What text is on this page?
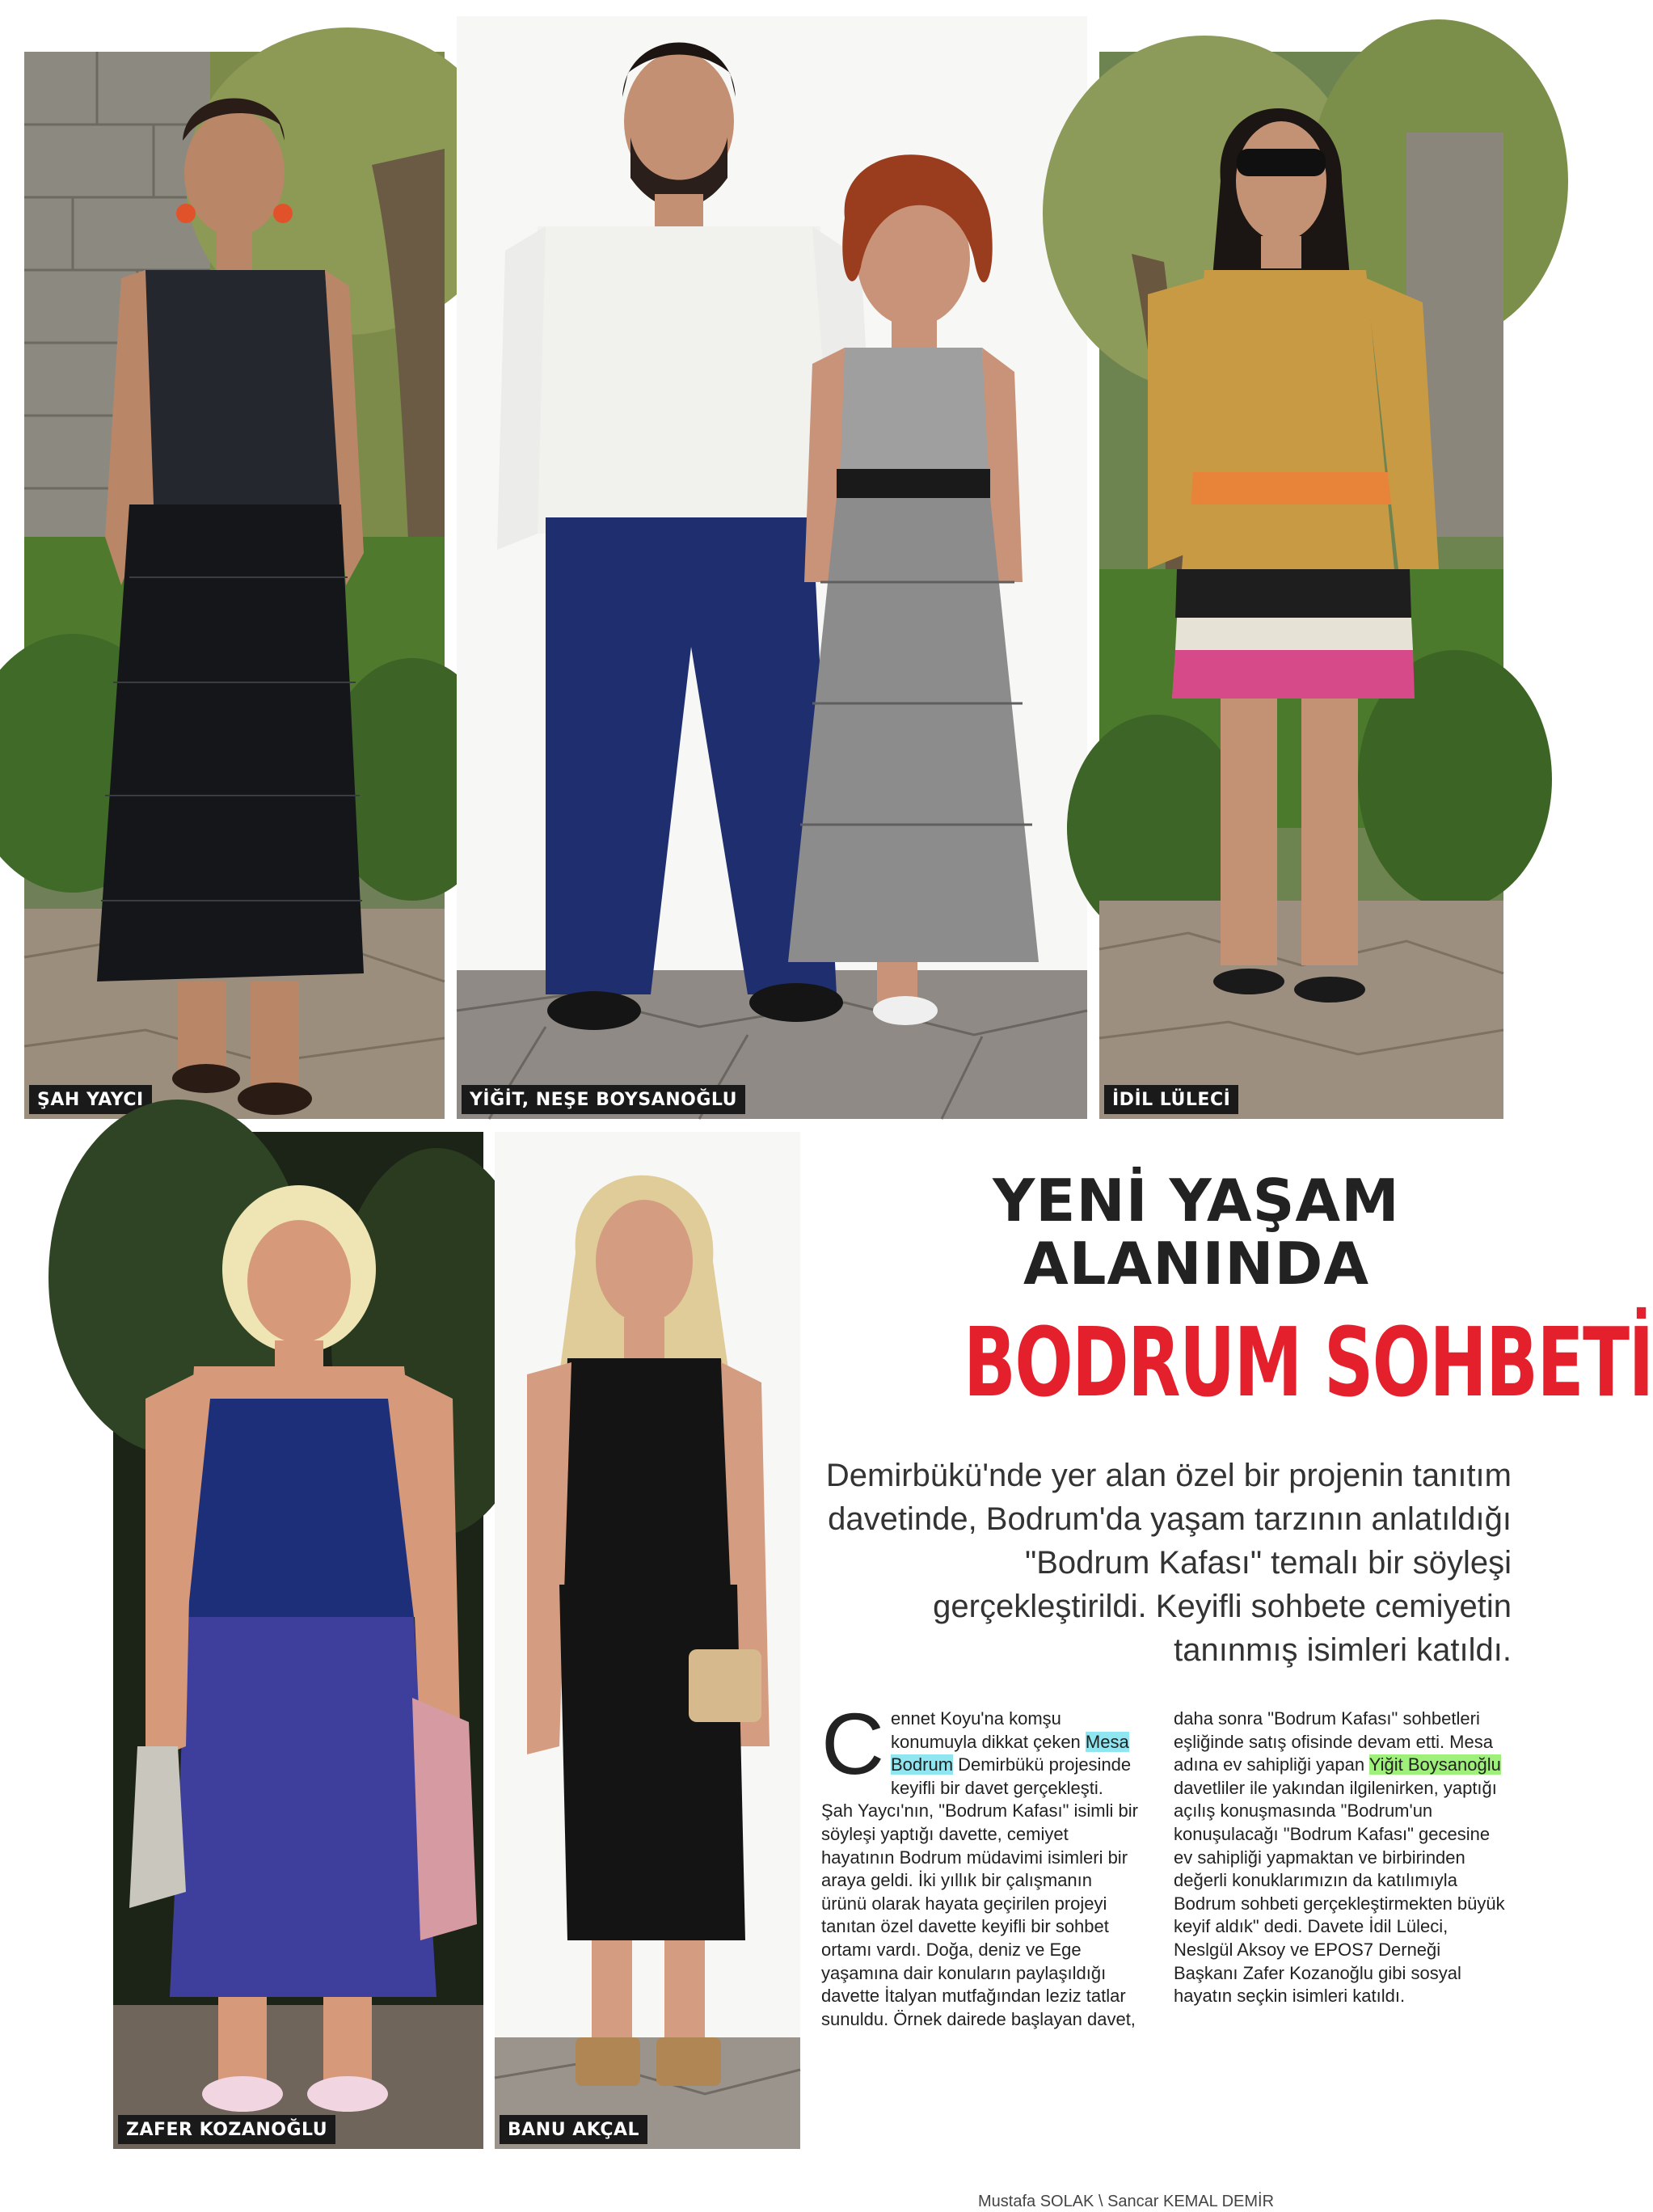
ŞAH YAYCI	YİĞİT, NEŞE BOYSANOĞLU	İDİL LÜLECİ
ZAFER KOZANOĞLU	BANU AKÇAL
YENİ YAŞAM
ALANINDA
BODRUM SOHBETİ
Demirbükü'nde yer alan özel bir projenin tanıtım davetinde, Bodrum'da yaşam tarzının anlatıldığı "Bodrum Kafası" temalı bir söyleşi gerçekleştirildi. Keyifli sohbete cemiyetin tanınmış isimleri katıldı.

Cennet Koyu'na komşu konumuyla dikkat çeken Mesa Bodrum Demirbükü projesinde keyifli bir davet gerçekleşti. Şah Yaycı'nın, "Bodrum Kafası" isimli bir söyleşi yaptığı davette, cemiyet hayatının Bodrum müdavimi isimleri bir araya geldi. İki yıllık bir çalışmanın ürünü olarak hayata geçirilen projeyi tanıtan özel davette keyifli bir sohbet ortamı vardı. Doğa, deniz ve Ege yaşamına dair konuların paylaşıldığı davette İtalyan mutfağından leziz tatlar sunuldu. Örnek dairede başlayan davet,

daha sonra "Bodrum Kafası" sohbetleri eşliğinde satış ofisinde devam etti. Mesa adına ev sahipliği yapan Yiğit Boysanoğlu davetliler ile yakından ilgilenirken, yaptığı açılış konuşmasında "Bodrum'un konuşulacağı "Bodrum Kafası" gecesine ev sahipliği yapmaktan ve birbirinden değerli konuklarımızın da katılımıyla Bodrum sohbeti gerçekleştirmekten büyük keyif aldık" dedi. Davete İdil Lüleci, Neslgül Aksoy ve EPOS7 Derneği Başkanı Zafer Kozanoğlu gibi sosyal hayatın seçkin isimleri katıldı.

Mustafa SOLAK \ Sancar KEMAL DEMİR
